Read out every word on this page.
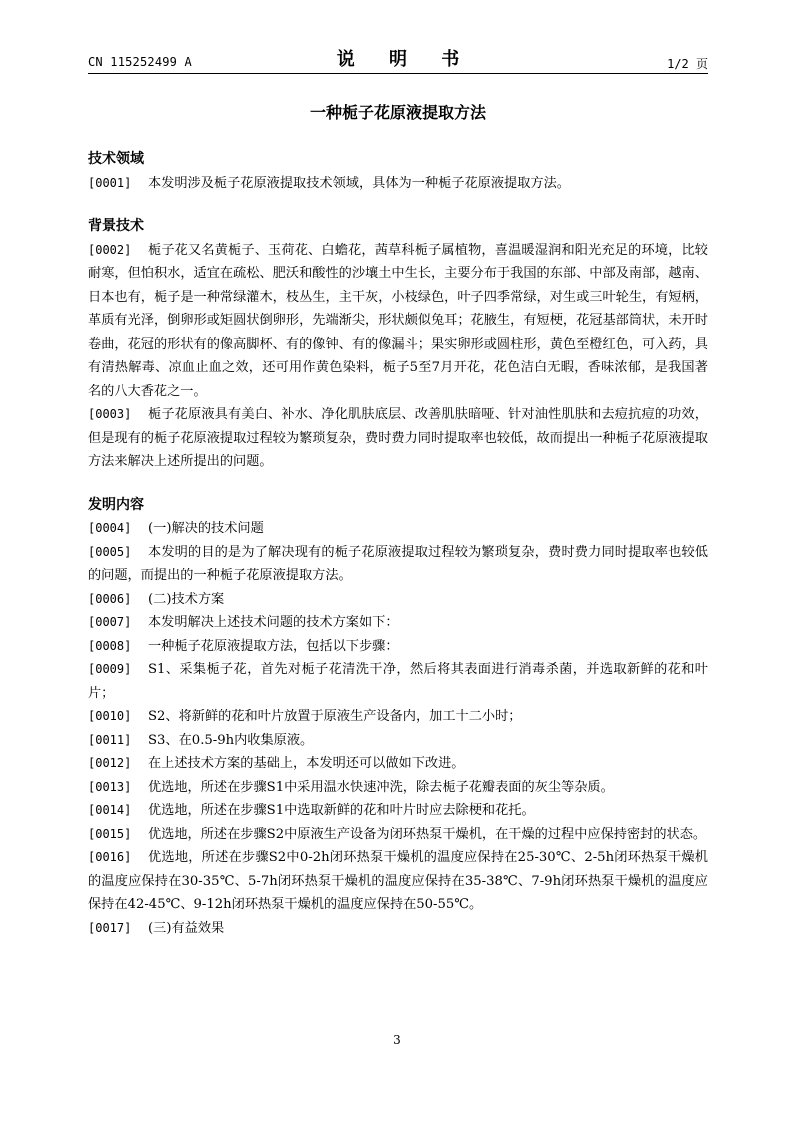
CN 115252499 A	说 明 书	1/2 页
一种栀子花原液提取方法
技术领域

[0001] 本发明涉及栀子花原液提取技术领域，具体为一种栀子花原液提取方法。

背景技术

[0002] 栀子花又名黄栀子、玉荷花、白蟾花，茜草科栀子属植物，喜温暖湿润和阳光充足的环境，比较耐寒，但怕积水，适宜在疏松、肥沃和酸性的沙壤土中生长，主要分布于我国的东部、中部及南部，越南、日本也有，栀子是一种常绿灌木，枝丛生，主干灰，小枝绿色，叶子四季常绿，对生或三叶轮生，有短柄，革质有光泽，倒卵形或矩圆状倒卵形，先端渐尖，形状颇似兔耳；花腋生，有短梗，花冠基部筒状，未开时卷曲，花冠的形状有的像高脚杯、有的像钟、有的像漏斗；果实卵形或圆柱形，黄色至橙红色，可入药，具有清热解毒、凉血止血之效，还可用作黄色染料，栀子5至7月开花，花色洁白无暇，香味浓郁，是我国著名的八大香花之一。

[0003] 栀子花原液具有美白、补水、净化肌肤底层、改善肌肤暗哑、针对油性肌肤和去痘抗痘的功效，但是现有的栀子花原液提取过程较为繁琐复杂，费时费力同时提取率也较低，故而提出一种栀子花原液提取方法来解决上述所提出的问题。

发明内容

[0004] (一)解决的技术问题

[0005] 本发明的目的是为了解决现有的栀子花原液提取过程较为繁琐复杂，费时费力同时提取率也较低的问题，而提出的一种栀子花原液提取方法。

[0006] (二)技术方案

[0007] 本发明解决上述技术问题的技术方案如下：

[0008] 一种栀子花原液提取方法，包括以下步骤：

[0009] S1、采集栀子花，首先对栀子花清洗干净，然后将其表面进行消毒杀菌，并选取新鲜的花和叶片；

[0010] S2、将新鲜的花和叶片放置于原液生产设备内，加工十二小时；

[0011] S3、在0.5-9h内收集原液。

[0012] 在上述技术方案的基础上，本发明还可以做如下改进。

[0013] 优选地，所述在步骤S1中采用温水快速冲洗，除去栀子花瓣表面的灰尘等杂质。

[0014] 优选地，所述在步骤S1中选取新鲜的花和叶片时应去除梗和花托。

[0015] 优选地，所述在步骤S2中原液生产设备为闭环热泵干燥机，在干燥的过程中应保持密封的状态。

[0016] 优选地，所述在步骤S2中0-2h闭环热泵干燥机的温度应保持在25-30℃、2-5h闭环热泵干燥机的温度应保持在30-35℃、5-7h闭环热泵干燥机的温度应保持在35-38℃、7-9h闭环热泵干燥机的温度应保持在42-45℃、9-12h闭环热泵干燥机的温度应保持在50-55℃。

[0017] (三)有益效果

3
